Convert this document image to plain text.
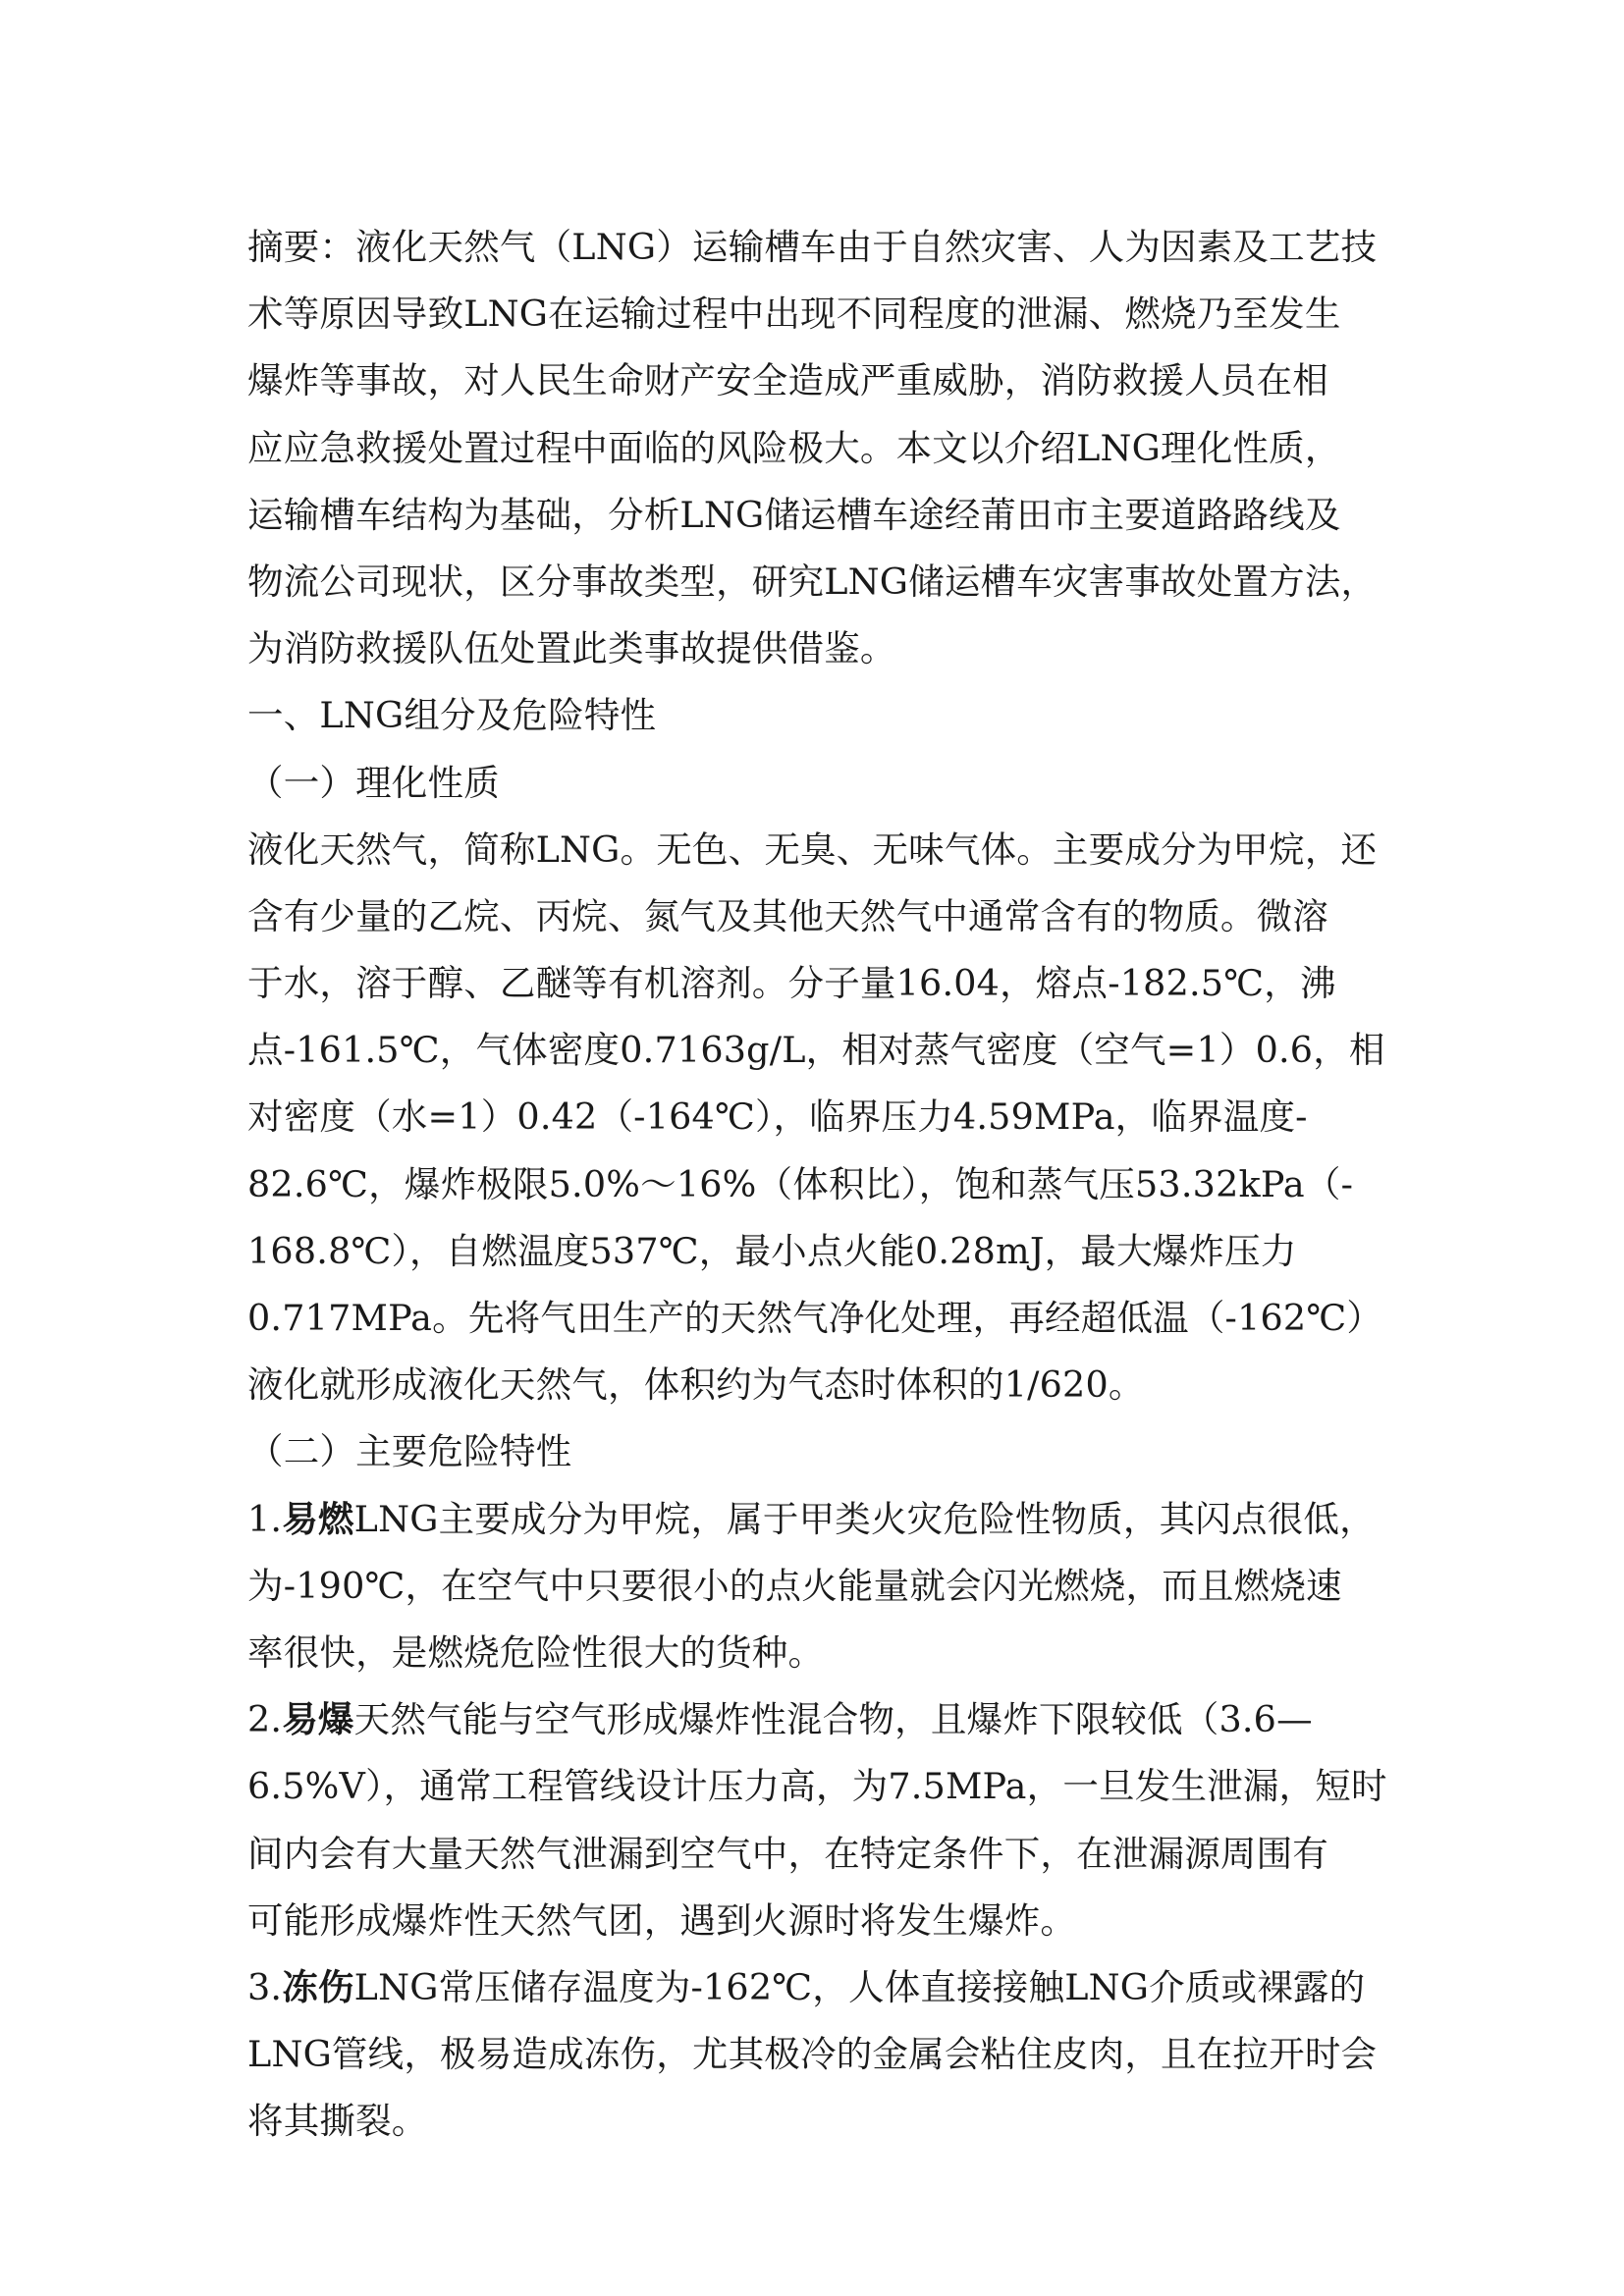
摘要：液化天然气（LNG）运输槽车由于自然灾害、人为因素及工艺技
术等原因导致LNG在运输过程中出现不同程度的泄漏、燃烧乃至发生
爆炸等事故，对人民生命财产安全造成严重威胁，消防救援人员在相
应应急救援处置过程中面临的风险极大。本文以介绍LNG理化性质，
运输槽车结构为基础，分析LNG储运槽车途经莆田市主要道路路线及
物流公司现状，区分事故类型，研究LNG储运槽车灾害事故处置方法，
为消防救援队伍处置此类事故提供借鉴。
一、LNG组分及危险特性
（一）理化性质
液化天然气，简称LNG。无色、无臭、无味气体。主要成分为甲烷，还
含有少量的乙烷、丙烷、氮气及其他天然气中通常含有的物质。微溶
于水，溶于醇、乙醚等有机溶剂。分子量16.04，熔点-182.5℃，沸
点-161.5℃，气体密度0.7163g/L，相对蒸气密度（空气=1）0.6，相
对密度（水=1）0.42（-164℃），临界压力4.59MPa，临界温度-
82.6℃，爆炸极限5.0%～16%（体积比），饱和蒸气压53.32kPa（-
168.8℃），自燃温度537℃，最小点火能0.28mJ，最大爆炸压力
0.717MPa。先将气田生产的天然气净化处理，再经超低温（-162℃）
液化就形成液化天然气，体积约为气态时体积的1/620。
（二）主要危险特性
1.易燃LNG主要成分为甲烷，属于甲类火灾危险性物质，其闪点很低，
为-190℃，在空气中只要很小的点火能量就会闪光燃烧，而且燃烧速
率很快，是燃烧危险性很大的货种。
2.易爆天然气能与空气形成爆炸性混合物，且爆炸下限较低（3.6—
6.5%V），通常工程管线设计压力高，为7.5MPa，一旦发生泄漏，短时
间内会有大量天然气泄漏到空气中，在特定条件下，在泄漏源周围有
可能形成爆炸性天然气团，遇到火源时将发生爆炸。
3.冻伤LNG常压储存温度为-162℃，人体直接接触LNG介质或裸露的
LNG管线，极易造成冻伤，尤其极冷的金属会粘住皮肉，且在拉开时会
将其撕裂。
